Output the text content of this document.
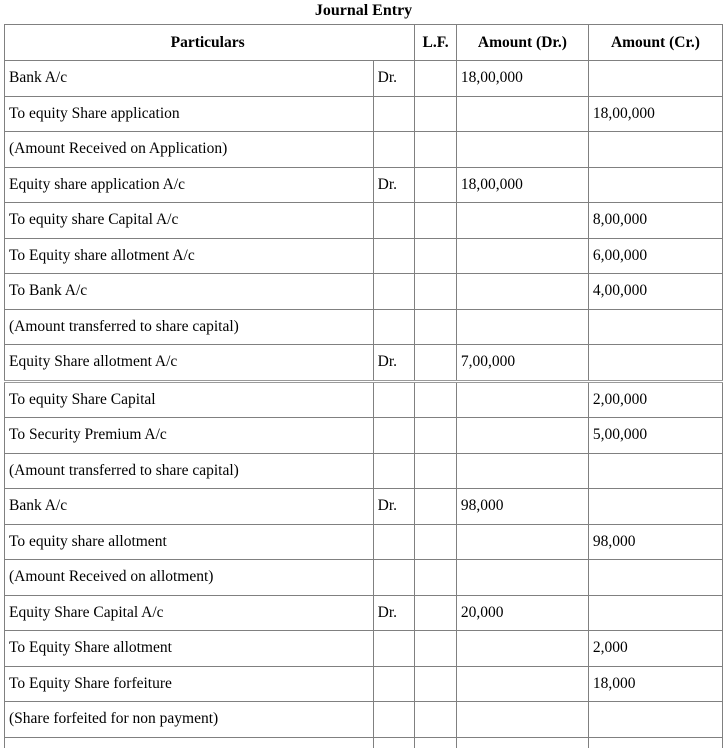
Journal Entry
Particulars		L.F.	Amount (Dr.)	Amount (Cr.)
Bank A/c	Dr.		18,00,000	
To equity Share application				18,00,000
(Amount Received on Application)				
Equity share application A/c	Dr.		18,00,000	
To equity share Capital A/c				8,00,000
To Equity share allotment A/c				6,00,000
To Bank A/c				4,00,000
(Amount transferred to share capital)				
Equity Share allotment A/c	Dr.		7,00,000	
To equity Share Capital				2,00,000
To Security Premium A/c				5,00,000
(Amount transferred to share capital)				
Bank A/c	Dr.		98,000	
To equity share allotment				98,000
(Amount Received on allotment)				
Equity Share Capital A/c	Dr.		20,000	
To Equity Share allotment				2,000
To Equity Share forfeiture				18,000
(Share forfeited for non payment)				
